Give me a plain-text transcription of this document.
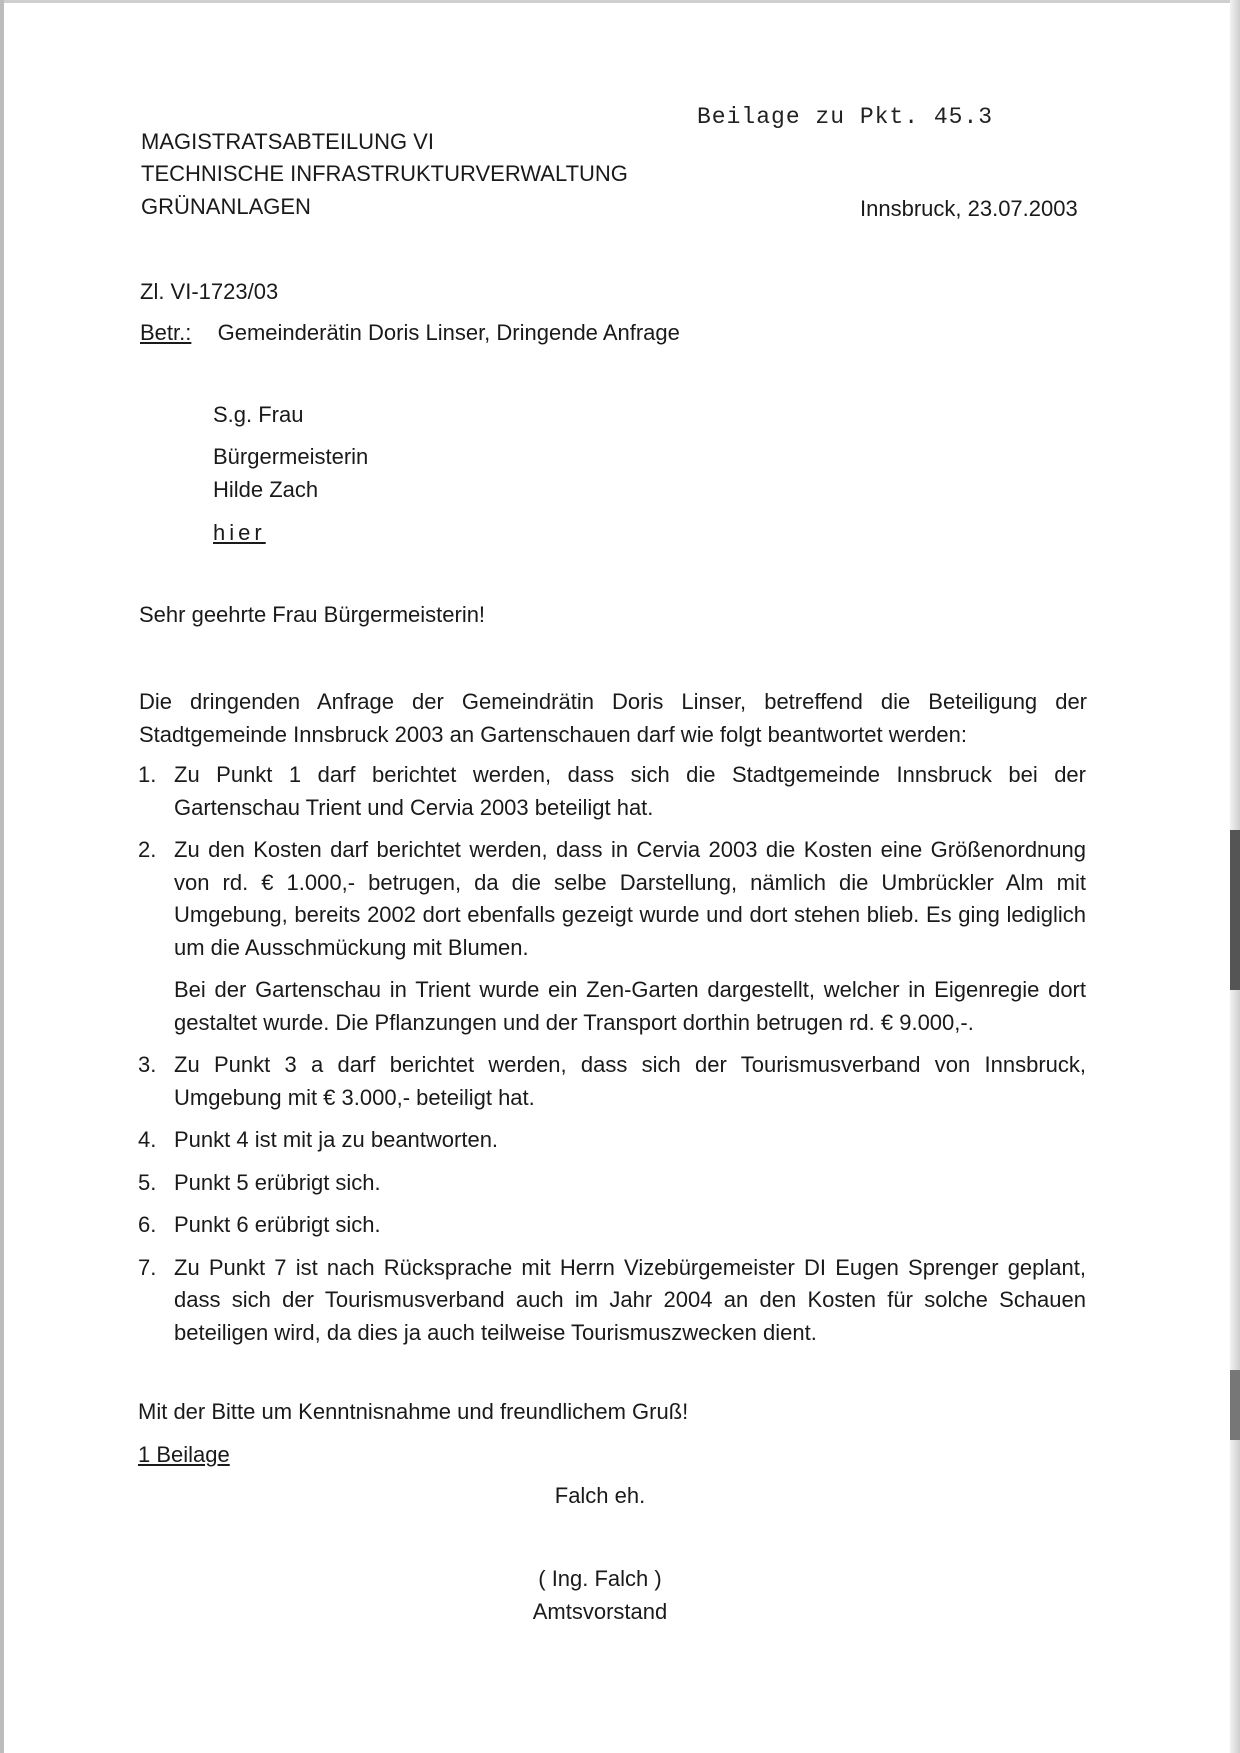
Beilage zu Pkt. 45.3
MAGISTRATSABTEILUNG VI
TECHNISCHE INFRASTRUKTURVERWALTUNG
GRÜNANLAGEN	Innsbruck, 23.07.2003
Zl. VI-1723/03
Betr.: Gemeinderätin Doris Linser, Dringende Anfrage
S.g. Frau
Bürgermeisterin
Hilde Zach
hier
Sehr geehrte Frau Bürgermeisterin!
Die dringenden Anfrage der Gemeindrätin Doris Linser, betreffend die Beteiligung der Stadtgemeinde Innsbruck 2003 an Gartenschauen darf wie folgt beantwortet werden:
1. Zu Punkt 1 darf berichtet werden, dass sich die Stadtgemeinde Innsbruck bei der Gartenschau Trient und Cervia 2003 beteiligt hat.
2. Zu den Kosten darf berichtet werden, dass in Cervia 2003 die Kosten eine Größenordnung von rd. € 1.000,- betrugen, da die selbe Darstellung, nämlich die Umbrückler Alm mit Umgebung, bereits 2002 dort ebenfalls gezeigt wurde und dort stehen blieb. Es ging lediglich um die Ausschmückung mit Blumen.
Bei der Gartenschau in Trient wurde ein Zen-Garten dargestellt, welcher in Eigenregie dort gestaltet wurde. Die Pflanzungen und der Transport dorthin betrugen rd. € 9.000,-.
3. Zu Punkt 3 a darf berichtet werden, dass sich der Tourismusverband von Innsbruck, Umgebung mit € 3.000,- beteiligt hat.
4. Punkt 4 ist mit ja zu beantworten.
5. Punkt 5 erübrigt sich.
6. Punkt 6 erübrigt sich.
7. Zu Punkt 7 ist nach Rücksprache mit Herrn Vizebürgemeister DI Eugen Sprenger geplant, dass sich der Tourismusverband auch im Jahr 2004 an den Kosten für solche Schauen beteiligen wird, da dies ja auch teilweise Tourismuszwecken dient.
Mit der Bitte um Kenntnisnahme und freundlichem Gruß!
1 Beilage
Falch eh.
( Ing. Falch )
Amtsvorstand
